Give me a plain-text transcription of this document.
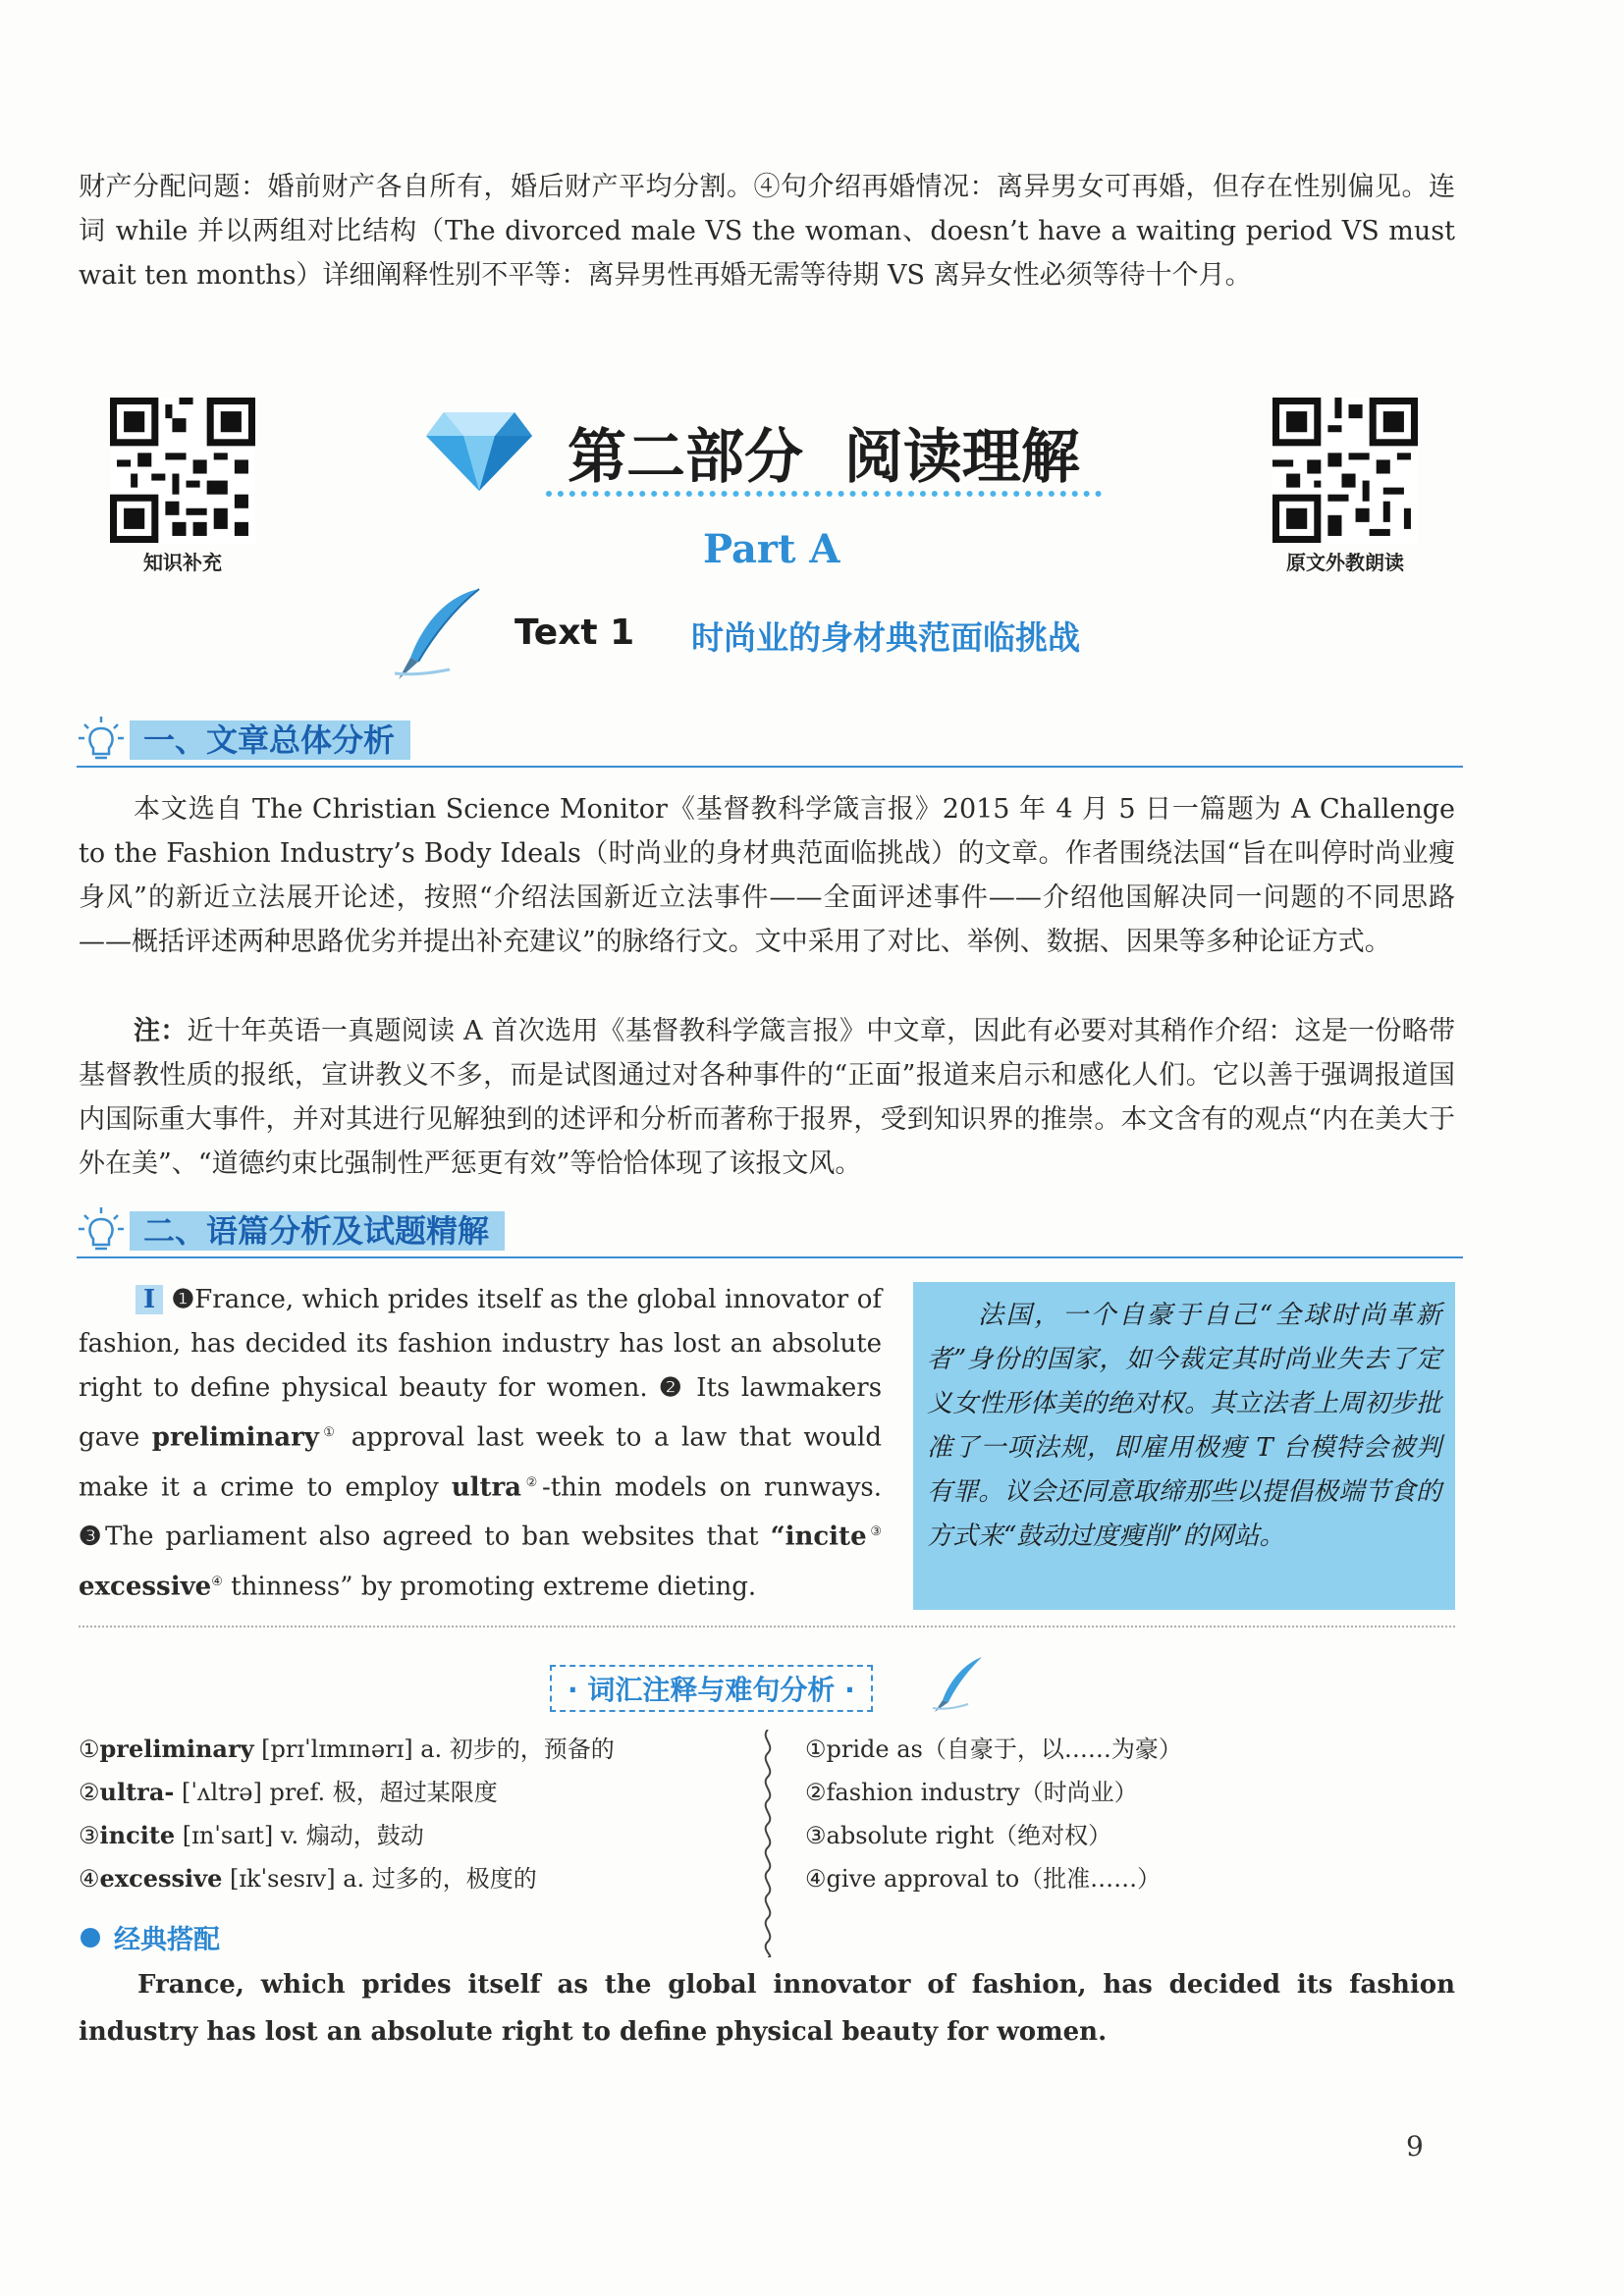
财产分配问题：婚前财产各自所有，婚后财产平均分割。④句介绍再婚情况：离异男女可再婚，但存在性别偏见。连词 while 并以两组对比结构（The divorced male VS the woman、doesn’t have a waiting period VS must wait ten months）详细阐释性别不平等：离异男性再婚无需等待期 VS 离异女性必须等待十个月。

知识补充	原文外教朗读
第二部分  阅读理解
Part A
Text 1 时尚业的身材典范面临挑战
一、文章总体分析

本文选自 The Christian Science Monitor《基督教科学箴言报》2015 年 4 月 5 日一篇题为 A Challenge to the Fashion Industry’s Body Ideals（时尚业的身材典范面临挑战）的文章。作者围绕法国“旨在叫停时尚业瘦身风”的新近立法展开论述，按照“介绍法国新近立法事件——全面评述事件——介绍他国解决同一问题的不同思路——概括评述两种思路优劣并提出补充建议”的脉络行文。文中采用了对比、举例、数据、因果等多种论证方式。

注：近十年英语一真题阅读 A 首次选用《基督教科学箴言报》中文章，因此有必要对其稍作介绍：这是一份略带基督教性质的报纸，宣讲教义不多，而是试图通过对各种事件的“正面”报道来启示和感化人们。它以善于强调报道国内国际重大事件，并对其进行见解独到的述评和分析而著称于报界，受到知识界的推崇。本文含有的观点“内在美大于外在美”、“道德约束比强制性严惩更有效”等恰恰体现了该报文风。

二、语篇分析及试题精解

I ❶France, which prides itself as the global innovator of fashion, has decided its fashion industry has lost an absolute right to define physical beauty for women. ❷ Its lawmakers gave preliminary① approval last week to a law that would make it a crime to employ ultra②-thin models on runways. ❸The parliament also agreed to ban websites that “incite③ excessive④ thinness” by promoting extreme dieting.

法国，一个自豪于自己“全球时尚革新者”身份的国家，如今裁定其时尚业失去了定义女性形体美的绝对权。其立法者上周初步批准了一项法规，即雇用极瘦 T 台模特会被判有罪。议会还同意取缔那些以提倡极端节食的方式来“鼓动过度瘦削”的网站。

· 词汇注释与难句分析 ·

①preliminary [prɪˈlɪmɪnərɪ] a. 初步的，预备的

②ultra- [ˈʌltrə] pref. 极，超过某限度

③incite [ɪnˈsaɪt] v. 煽动，鼓动

④excessive [ɪkˈsesɪv] a. 过多的，极度的

①pride as（自豪于，以……为豪）

②fashion industry（时尚业）

③absolute right（绝对权）

④give approval to（批准……）

经典搭配

France, which prides itself as the global innovator of fashion, has decided its fashion industry has lost an absolute right to define physical beauty for women.

9
